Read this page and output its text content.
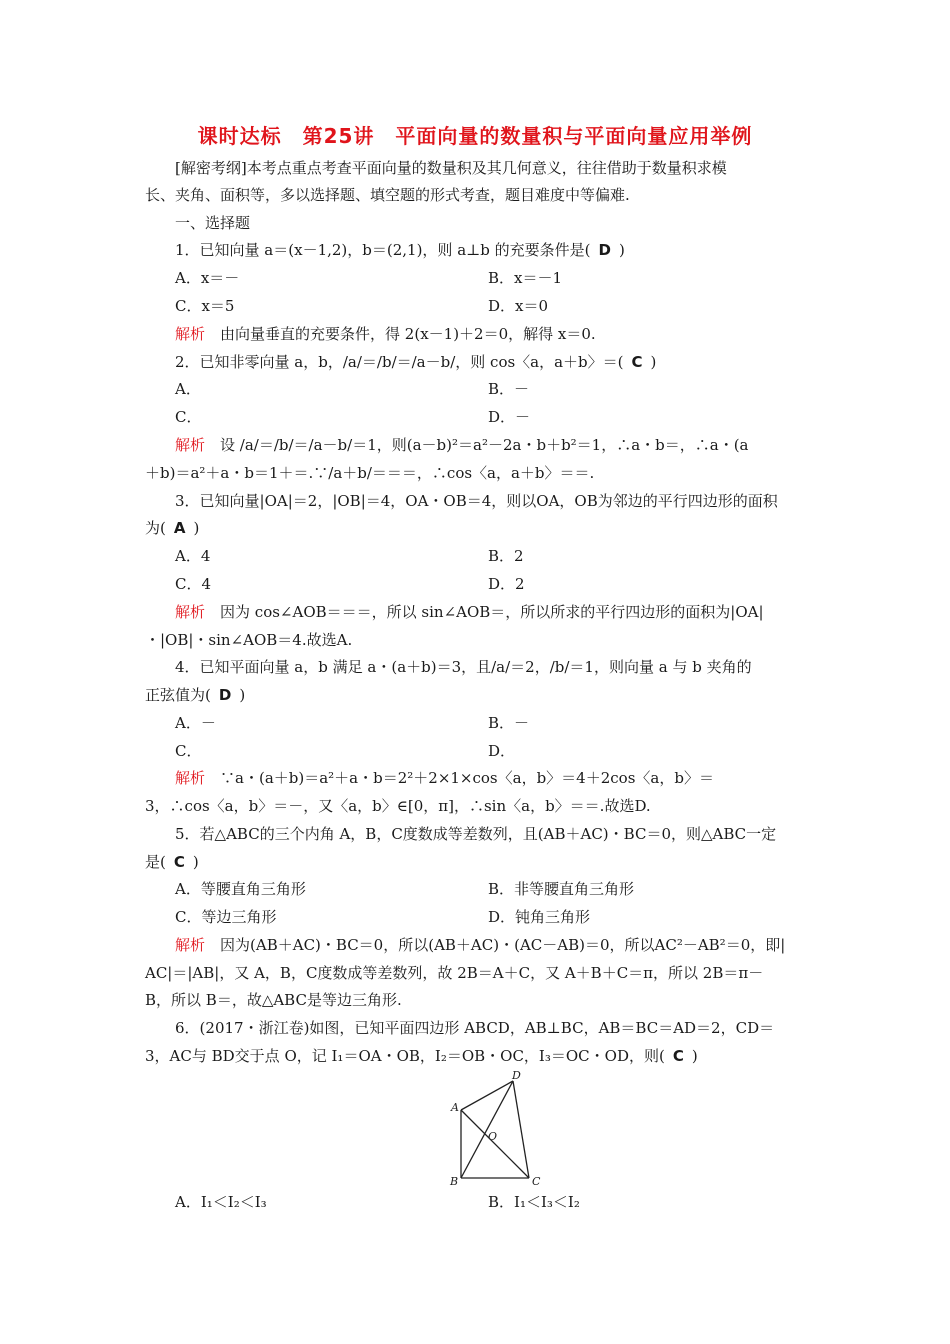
课时达标　第25讲　平面向量的数量积与平面向量应用举例
[解密考纲]本考点重点考查平面向量的数量积及其几何意义，往往借助于数量积求模
长、夹角、面积等，多以选择题、填空题的形式考查，题目难度中等偏难.
一、选择题
1．已知向量 a＝(x－1,2)，b＝(2,1)，则 a⊥b 的充要条件是( D )
A．x＝－	B．x＝－1
C．x＝5	D．x＝0
解析　 由向量垂直的充要条件，得 2(x－1)＋2＝0，解得 x＝0.
2．已知非零向量 a，b，/a/＝/b/＝/a－b/，则 cos〈a，a＋b〉＝( C )
A．	B．－
C．	D．－
解析　 设 /a/＝/b/＝/a－b/＝1，则(a－b)²＝a²－2a・b＋b²＝1，∴a・b＝，∴a・(a
＋b)＝a²＋a・b＝1＋＝.∵/a＋b/＝＝＝，∴cos〈a，a＋b〉＝＝.
3．已知向量|OA|＝2，|OB|＝4，OA・OB＝4，则以OA，OB为邻边的平行四边形的面积
为( A )
A．4	B．2
C．4	D．2
解析　 因为 cos∠AOB＝＝＝，所以 sin∠AOB＝，所以所求的平行四边形的面积为|OA|
・|OB|・sin∠AOB＝4.故选A.
4．已知平面向量 a，b 满足 a・(a＋b)＝3，且/a/＝2，/b/＝1，则向量 a 与 b 夹角的
正弦值为( D )
A．－	B．－
C．	D．
解析　 ∵a・(a＋b)＝a²＋a・b＝2²＋2×1×cos〈a，b〉＝4＋2cos〈a，b〉＝
3，∴cos〈a，b〉＝－，又〈a，b〉∈[0，π]，∴sin〈a，b〉＝＝.故选D.
5．若△ABC的三个内角 A，B，C度数成等差数列，且(AB＋AC)・BC＝0，则△ABC一定
是( C )
A．等腰直角三角形	B．非等腰直角三角形
C．等边三角形	D．钝角三角形
解析　 因为(AB＋AC)・BC＝0，所以(AB＋AC)・(AC－AB)＝0，所以AC²－AB²＝0，即|
AC|＝|AB|，又 A，B，C度数成等差数列，故 2B＝A＋C，又 A＋B＋C＝π，所以 2B＝π－
B，所以 B＝，故△ABC是等边三角形.
6．(2017・浙江卷)如图，已知平面四边形 ABCD，AB⊥BC，AB＝BC＝AD＝2，CD＝
3，AC与 BD交于点 O，记 I₁＝OA・OB，I₂＝OB・OC，I₃＝OC・OD，则( C )
A
B	C
D
O
A．I₁＜I₂＜I₃	B．I₁＜I₃＜I₂
